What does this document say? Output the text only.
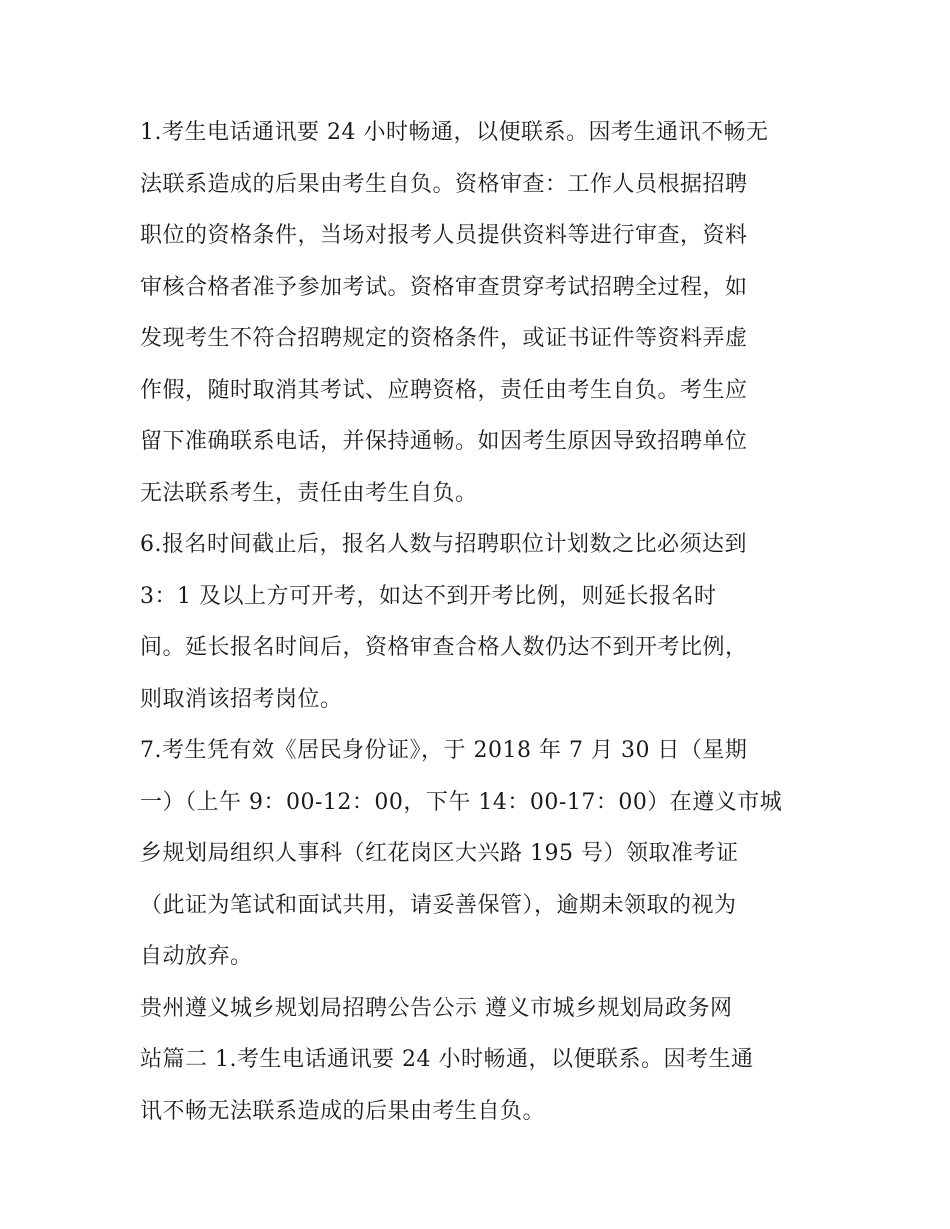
1.考生电话通讯要 24 小时畅通，以便联系。因考生通讯不畅无
法联系造成的后果由考生自负。资格审查：工作人员根据招聘
职位的资格条件，当场对报考人员提供资料等进行审查，资料
审核合格者准予参加考试。资格审查贯穿考试招聘全过程，如
发现考生不符合招聘规定的资格条件，或证书证件等资料弄虚
作假，随时取消其考试、应聘资格，责任由考生自负。考生应
留下准确联系电话，并保持通畅。如因考生原因导致招聘单位
无法联系考生，责任由考生自负。
6.报名时间截止后，报名人数与招聘职位计划数之比必须达到
3：1 及以上方可开考，如达不到开考比例，则延长报名时
间。延长报名时间后，资格审查合格人数仍达不到开考比例，
则取消该招考岗位。
7.考生凭有效《居民身份证》，于 2018 年 7 月 30 日（星期
一）（上午 9：00-12：00，下午 14：00-17：00）在遵义市城
乡规划局组织人事科（红花岗区大兴路 195 号）领取准考证
（此证为笔试和面试共用，请妥善保管），逾期未领取的视为
自动放弃。
贵州遵义城乡规划局招聘公告公示 遵义市城乡规划局政务网
站篇二 1.考生电话通讯要 24 小时畅通，以便联系。因考生通
讯不畅无法联系造成的后果由考生自负。
